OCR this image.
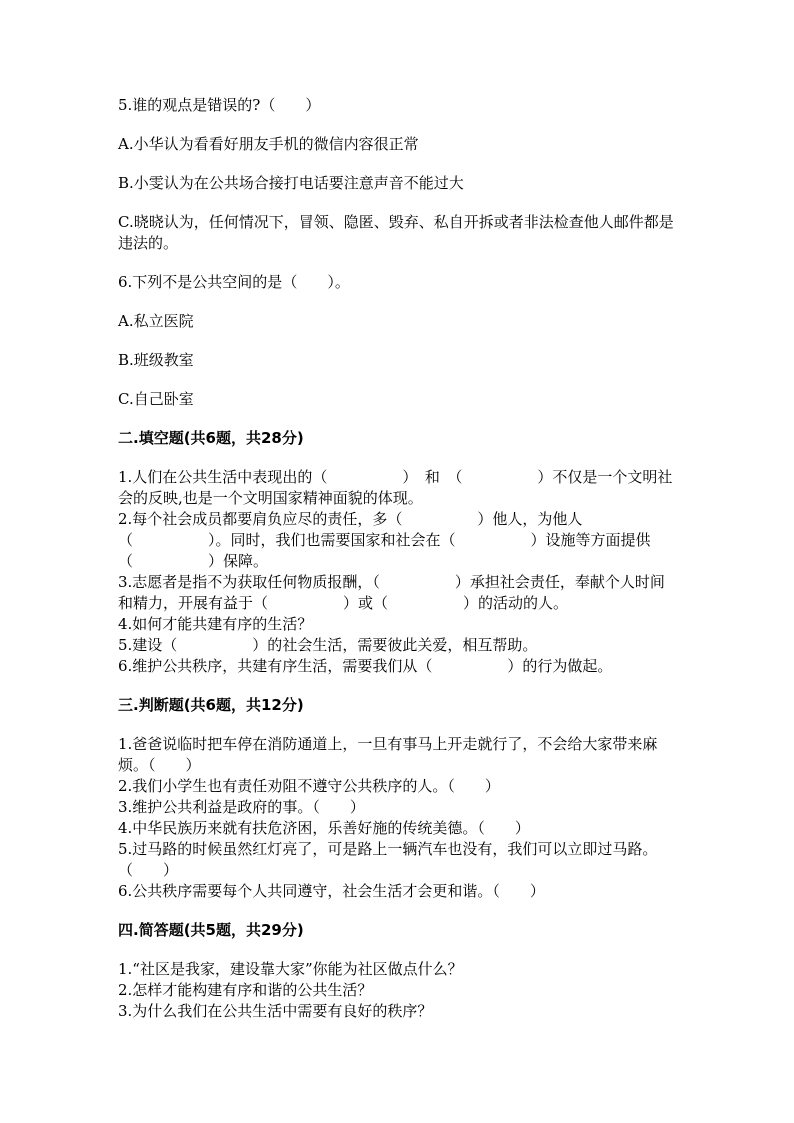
5.谁的观点是错误的?（　　）

A.小华认为看看好朋友手机的微信内容很正常

B.小雯认为在公共场合接打电话要注意声音不能过大

C.晓晓认为，任何情况下，冒领、隐匿、毁弃、私自开拆或者非法检查他人邮件都是违法的。

6.下列不是公共空间的是（　　）。

A.私立医院

B.班级教室

C.自己卧室

二.填空题(共6题，共28分)

1.人们在公共生活中表现出的（　　　　　）　和　（　　　　　）不仅是一个文明社会的反映,也是一个文明国家精神面貌的体现。

2.每个社会成员都要肩负应尽的责任，多（　　　　　）他人，为他人（　　　　　）。同时，我们也需要国家和社会在（　　　　　）设施等方面提供（　　　　　）保障。

3.志愿者是指不为获取任何物质报酬，（　　　　　）承担社会责任，奉献个人时间和精力，开展有益于（　　　　　）或（　　　　　）的活动的人。

4.如何才能共建有序的生活？

5.建设（　　　　　）的社会生活，需要彼此关爱，相互帮助。

6.维护公共秩序，共建有序生活，需要我们从（　　　　　）的行为做起。

三.判断题(共6题，共12分)

1.爸爸说临时把车停在消防通道上，一旦有事马上开走就行了，不会给大家带来麻烦。（　　）

2.我们小学生也有责任劝阻不遵守公共秩序的人。（　　）

3.维护公共利益是政府的事。（　　）

4.中华民族历来就有扶危济困，乐善好施的传统美德。（　　）

5.过马路的时候虽然红灯亮了，可是路上一辆汽车也没有，我们可以立即过马路。（　　）

6.公共秩序需要每个人共同遵守，社会生活才会更和谐。（　　）

四.简答题(共5题，共29分)

1.“社区是我家，建设靠大家”你能为社区做点什么？

2.怎样才能构建有序和谐的公共生活？

3.为什么我们在公共生活中需要有良好的秩序？
